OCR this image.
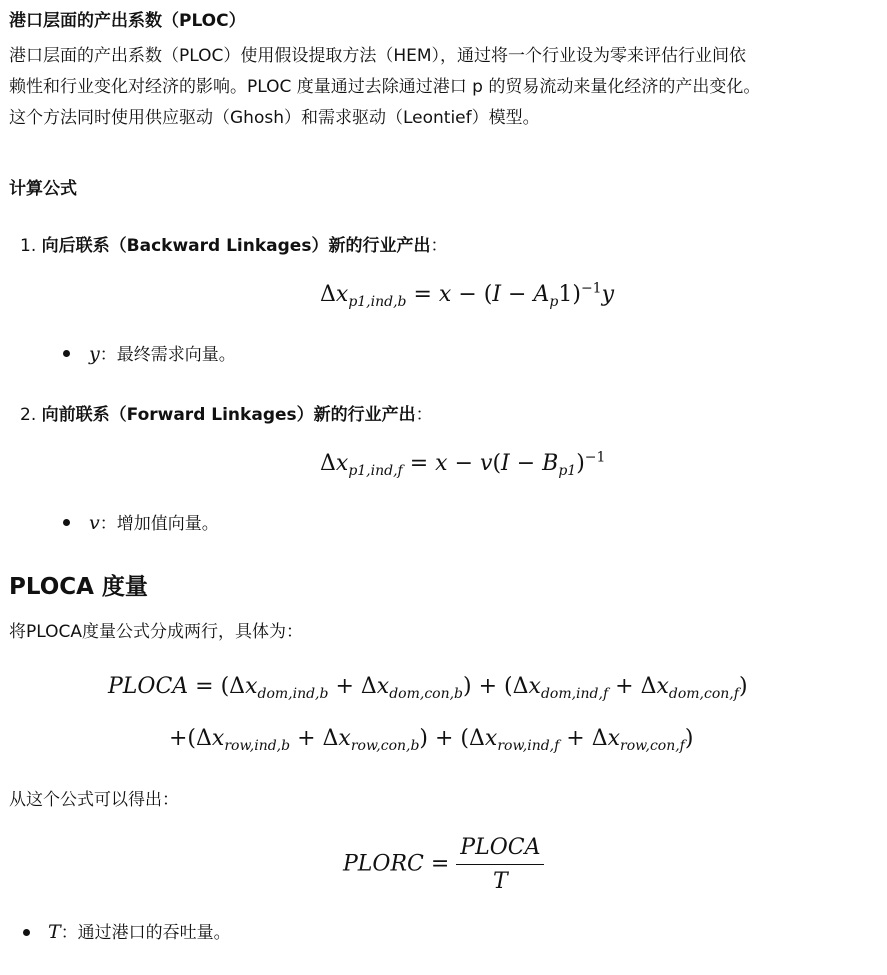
港口层面的产出系数（PLOC）
港口层面的产出系数（PLOC）使用假设提取方法（HEM），通过将一个行业设为零来评估行业间依
赖性和行业变化对经济的影响。PLOC 度量通过去除通过港口 p 的贸易流动来量化经济的产出变化。
这个方法同时使用供应驱动（Ghosh）和需求驱动（Leontief）模型。
计算公式
1. 向后联系（Backward Linkages）新的行业产出：
$\Delta x_{p1,ind,b} = x - (I - A_p1)^{-1}y$
y：最终需求向量。
2. 向前联系（Forward Linkages）新的行业产出：
$\Delta x_{p1,ind,f} = x - v(I - B_{p1})^{-1}$
v：增加值向量。
PLOCA 度量
将PLOCA度量公式分成两行，具体为：
PLOCA = $(\Delta x_{dom,ind,b} + \Delta x_{dom,con,b}) + (\Delta x_{dom,ind,f} + \Delta x_{dom,con,f})$
$+(\Delta x_{row,ind,b} + \Delta x_{row,con,b}) + (\Delta x_{row,ind,f} + \Delta x_{row,con,f})$
从这个公式可以得出：
PLORC = $\frac{\text{PLOCA}}{T}$
T：通过港口的吞吐量。
